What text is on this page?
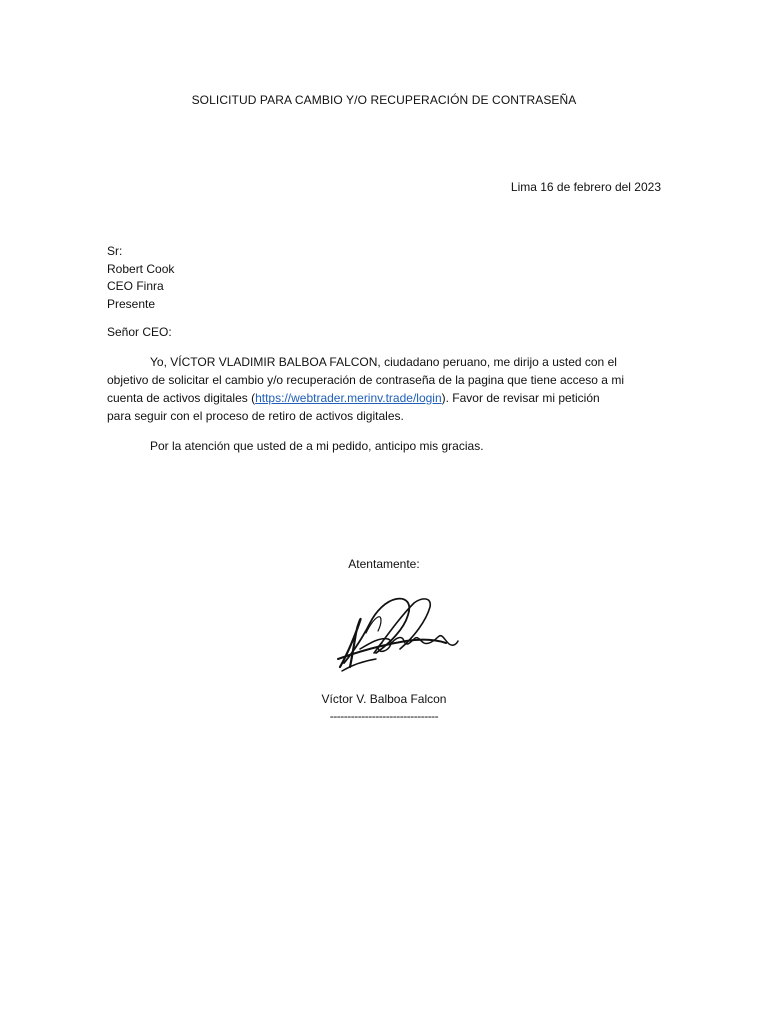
SOLICITUD PARA CAMBIO Y/O RECUPERACIÓN DE CONTRASEÑA
Lima 16 de febrero del 2023
Sr:
Robert Cook
CEO Finra
Presente
Señor CEO:
Yo, VÍCTOR VLADIMIR BALBOA FALCON, ciudadano peruano, me dirijo a usted con el
objetivo de solicitar el cambio y/o recuperación de contraseña de la pagina que tiene acceso a mi
cuenta de activos digitales (https://webtrader.merinv.trade/login). Favor de revisar mi petición
para seguir con el proceso de retiro de activos digitales.
Por la atención que usted de a mi pedido, anticipo mis gracias.
Atentamente:
Víctor V. Balboa Falcon
-------------------------------
